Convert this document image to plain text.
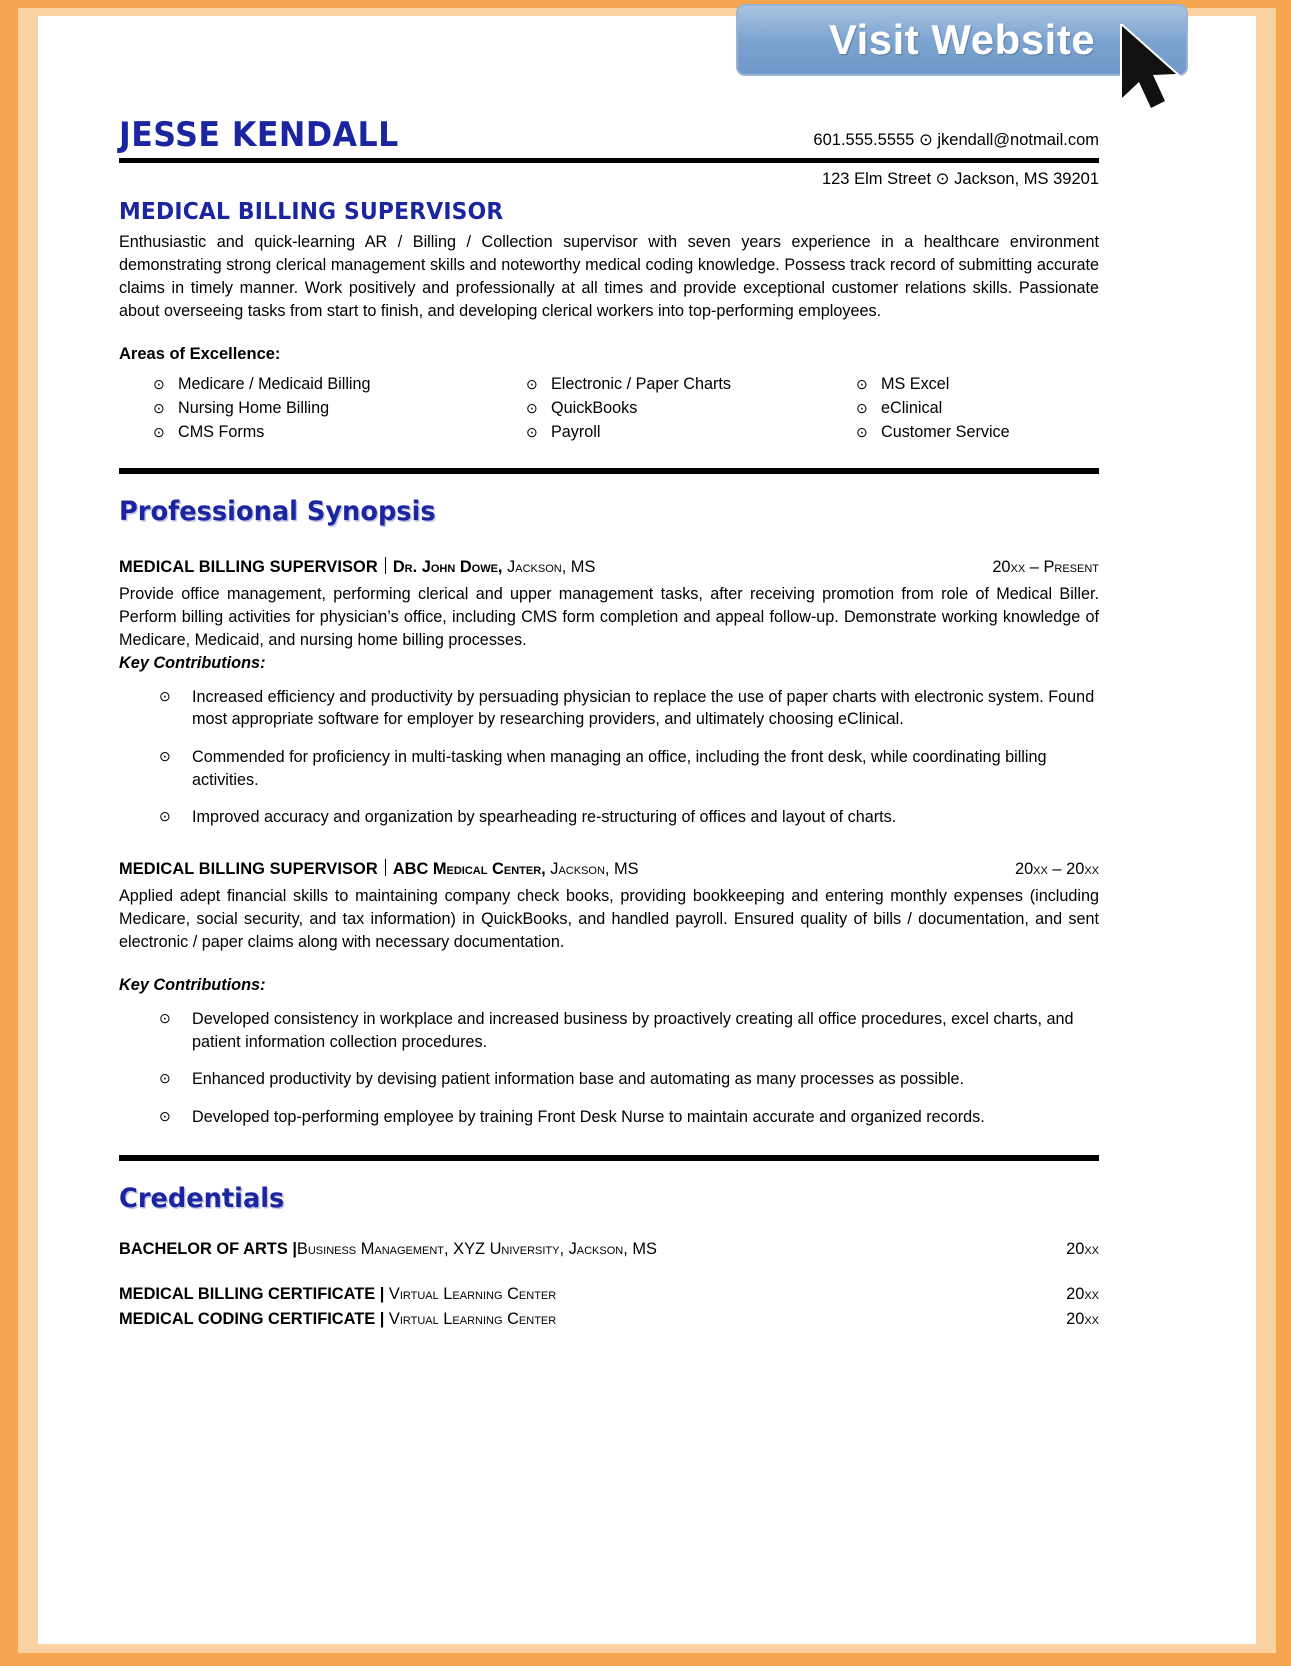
Visit Website
JESSE KENDALL	601.555.5555 ⊙ jkendall@notmail.com
123 Elm Street ⊙ Jackson, MS 39201
MEDICAL BILLING SUPERVISOR
Enthusiastic and quick-learning AR / Billing / Collection supervisor with seven years experience in a healthcare environment demonstrating strong clerical management skills and noteworthy medical coding knowledge. Possess track record of submitting accurate claims in timely manner. Work positively and professionally at all times and provide exceptional customer relations skills. Passionate about overseeing tasks from start to finish, and developing clerical workers into top-performing employees.
Areas of Excellence:
⊙ Medicare / Medicaid Billing	⊙ Electronic / Paper Charts	⊙ MS Excel
⊙ Nursing Home Billing	⊙ QuickBooks	⊙ eClinical
⊙ CMS Forms	⊙ Payroll	⊙ Customer Service
Professional Synopsis
MEDICAL BILLING SUPERVISOR Dr. John Dowe, Jackson, MS	20xx – Present
Provide office management, performing clerical and upper management tasks, after receiving promotion from role of Medical Biller. Perform billing activities for physician’s office, including CMS form completion and appeal follow-up. Demonstrate working knowledge of Medicare, Medicaid, and nursing home billing processes.
Key Contributions:
⊙	Increased efficiency and productivity by persuading physician to replace the use of paper charts with electronic system. Found most appropriate software for employer by researching providers, and ultimately choosing eClinical.
⊙	Commended for proficiency in multi-tasking when managing an office, including the front desk, while coordinating billing activities.
⊙	Improved accuracy and organization by spearheading re-structuring of offices and layout of charts.
MEDICAL BILLING SUPERVISOR ABC Medical Center, Jackson, MS	20xx – 20xx
Applied adept financial skills to maintaining company check books, providing bookkeeping and entering monthly expenses (including Medicare, social security, and tax information) in QuickBooks, and handled payroll. Ensured quality of bills / documentation, and sent electronic / paper claims along with necessary documentation.
Key Contributions:
⊙	Developed consistency in workplace and increased business by proactively creating all office procedures, excel charts, and patient information collection procedures.
⊙	Enhanced productivity by devising patient information base and automating as many processes as possible.
⊙	Developed top-performing employee by training Front Desk Nurse to maintain accurate and organized records.
Credentials
BACHELOR OF ARTS |Business Management, XYZ University, Jackson, MS	20xx
MEDICAL BILLING CERTIFICATE | Virtual Learning Center	20xx
MEDICAL CODING CERTIFICATE | Virtual Learning Center	20xx
